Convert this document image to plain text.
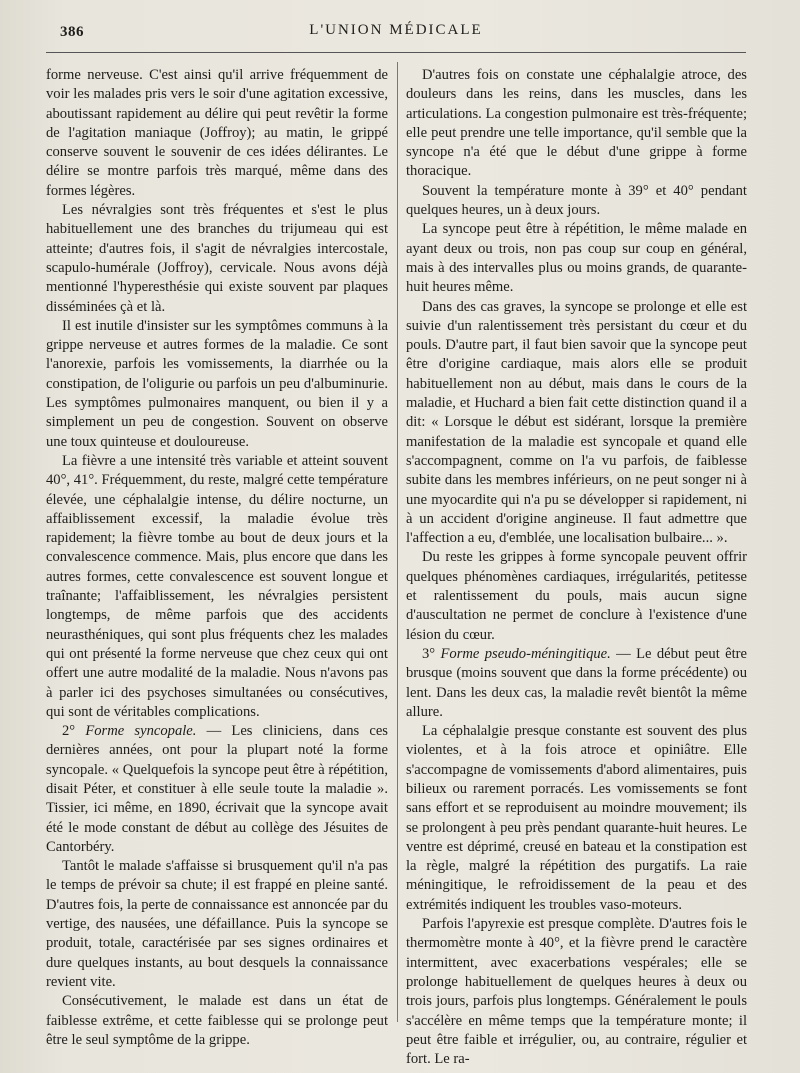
386	L'UNION MÉDICALE

forme nerveuse. C'est ainsi qu'il arrive fréquemment de voir les malades pris vers le soir d'une agitation excessive, aboutissant rapidement au délire qui peut revêtir la forme de l'agitation maniaque (Joffroy); au matin, le grippé conserve souvent le souvenir de ces idées délirantes. Le délire se montre parfois très marqué, même dans des formes légères.

Les névralgies sont très fréquentes et s'est le plus habituellement une des branches du trijumeau qui est atteinte; d'autres fois, il s'agit de névralgies intercostale, scapulo-humérale (Joffroy), cervicale. Nous avons déjà mentionné l'hyperesthésie qui existe souvent par plaques disséminées çà et là.

Il est inutile d'insister sur les symptômes communs à la grippe nerveuse et autres formes de la maladie. Ce sont l'anorexie, parfois les vomissements, la diarrhée ou la constipation, de l'oligurie ou parfois un peu d'albuminurie. Les symptômes pulmonaires manquent, ou bien il y a simplement un peu de congestion. Souvent on observe une toux quinteuse et douloureuse.

La fièvre a une intensité très variable et atteint souvent 40°, 41°. Fréquemment, du reste, malgré cette température élevée, une céphalalgie intense, du délire nocturne, un affaiblissement excessif, la maladie évolue très rapidement; la fièvre tombe au bout de deux jours et la convalescence commence. Mais, plus encore que dans les autres formes, cette convalescence est souvent longue et traînante; l'affaiblissement, les névralgies persistent longtemps, de même parfois que des accidents neurasthéniques, qui sont plus fréquents chez les malades qui ont présenté la forme nerveuse que chez ceux qui ont offert une autre modalité de la maladie. Nous n'avons pas à parler ici des psychoses simultanées ou consécutives, qui sont de véritables complications.

2° Forme syncopale. — Les cliniciens, dans ces dernières années, ont pour la plupart noté la forme syncopale. « Quelquefois la syncope peut être à répétition, disait Péter, et constituer à elle seule toute la maladie ». Tissier, ici même, en 1890, écrivait que la syncope avait été le mode constant de début au collège des Jésuites de Cantorbéry.

Tantôt le malade s'affaisse si brusquement qu'il n'a pas le temps de prévoir sa chute; il est frappé en pleine santé. D'autres fois, la perte de connaissance est annoncée par du vertige, des nausées, une défaillance. Puis la syncope se produit, totale, caractérisée par ses signes ordinaires et dure quelques instants, au bout desquels la connaissance revient vite.

Consécutivement, le malade est dans un état de faiblesse extrême, et cette faiblesse qui se prolonge peut être le seul symptôme de la grippe.

D'autres fois on constate une céphalalgie atroce, des douleurs dans les reins, dans les muscles, dans les articulations. La congestion pulmonaire est très-fréquente; elle peut prendre une telle importance, qu'il semble que la syncope n'a été que le début d'une grippe à forme thoracique.

Souvent la température monte à 39° et 40° pendant quelques heures, un à deux jours.

La syncope peut être à répétition, le même malade en ayant deux ou trois, non pas coup sur coup en général, mais à des intervalles plus ou moins grands, de quarante-huit heures même.

Dans des cas graves, la syncope se prolonge et elle est suivie d'un ralentissement très persistant du cœur et du pouls. D'autre part, il faut bien savoir que la syncope peut être d'origine cardiaque, mais alors elle se produit habituellement non au début, mais dans le cours de la maladie, et Huchard a bien fait cette distinction quand il a dit: « Lorsque le début est sidérant, lorsque la première manifestation de la maladie est syncopale et quand elle s'accompagnent, comme on l'a vu parfois, de faiblesse subite dans les membres inférieurs, on ne peut songer ni à une myocardite qui n'a pu se développer si rapidement, ni à un accident d'origine angineuse. Il faut admettre que l'affection a eu, d'emblée, une localisation bulbaire... ».

Du reste les grippes à forme syncopale peuvent offrir quelques phénomènes cardiaques, irrégularités, petitesse et ralentissement du pouls, mais aucun signe d'auscultation ne permet de conclure à l'existence d'une lésion du cœur.

3° Forme pseudo-méningitique. — Le début peut être brusque (moins souvent que dans la forme précédente) ou lent. Dans les deux cas, la maladie revêt bientôt la même allure.

La céphalalgie presque constante est souvent des plus violentes, et à la fois atroce et opiniâtre. Elle s'accompagne de vomissements d'abord alimentaires, puis bilieux ou rarement porracés. Les vomissements se font sans effort et se reproduisent au moindre mouvement; ils se prolongent à peu près pendant quarante-huit heures. Le ventre est déprimé, creusé en bateau et la constipation est la règle, malgré la répétition des purgatifs. La raie méningitique, le refroidissement de la peau et des extrémités indiquent les troubles vaso-moteurs.

Parfois l'apyrexie est presque complète. D'autres fois le thermomètre monte à 40°, et la fièvre prend le caractère intermittent, avec exacerbations vespérales; elle se prolonge habituellement de quelques heures à deux ou trois jours, parfois plus longtemps. Généralement le pouls s'accélère en même temps que la température monte; il peut être faible et irrégulier, ou, au contraire, régulier et fort. Le ra-
